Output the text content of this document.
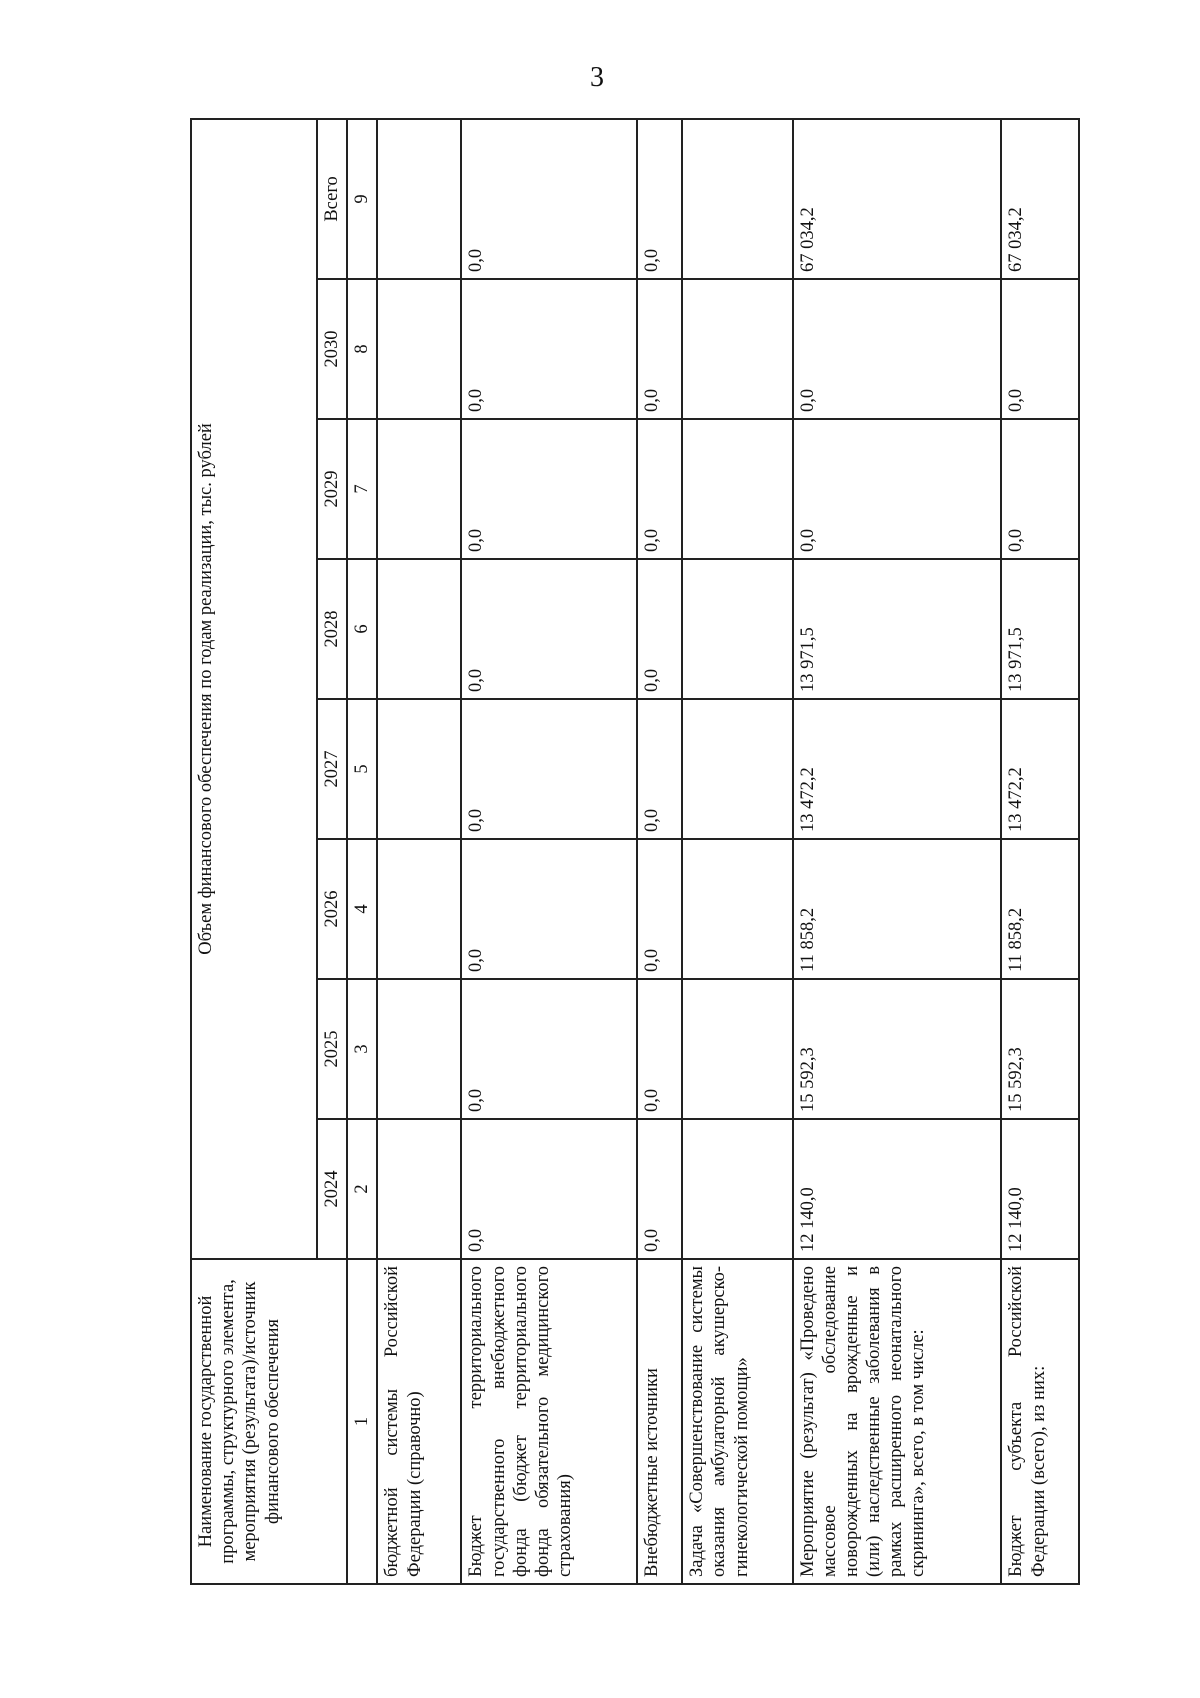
3
Наименование государственной программы, структурного элемента, мероприятия (результата)/источник финансового обеспечения	Объем финансового обеспечения по годам реализации, тыс. рублей							
	2024	2025	2026	2027	2028	2029	2030	Всего
1	2	3	4	5	6	7	8	9
бюджетной системы Российской Федерации (справочно)								
Бюджет территориального государственного внебюджетного фонда (бюджет территориального фонда обязательного медицинского страхования)	0,0	0,0	0,0	0,0	0,0	0,0	0,0	0,0
Внебюджетные источники	0,0	0,0	0,0	0,0	0,0	0,0	0,0	0,0
Задача «Совершенствование системы оказания амбулаторной акушерско-гинекологической помощи»								
Мероприятие (результат) «Проведено массовое обследование новорожденных на врожденные и (или) наследственные заболевания в рамках расширенного неонатального скрининга», всего, в том числе:	12 140,0	15 592,3	11 858,2	13 472,2	13 971,5	0,0	0,0	67 034,2
Бюджет субъекта Российской Федерации (всего), из них:	12 140,0	15 592,3	11 858,2	13 472,2	13 971,5	0,0	0,0	67 034,2
